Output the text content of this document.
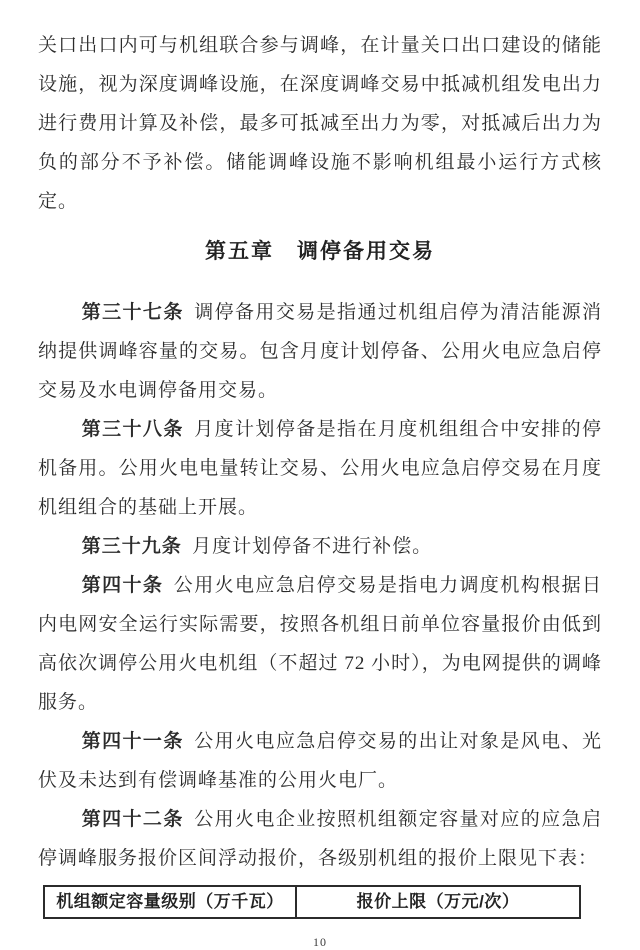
关口出口内可与机组联合参与调峰，在计量关口出口建设的储能设施，视为深度调峰设施，在深度调峰交易中抵减机组发电出力进行费用计算及补偿，最多可抵减至出力为零，对抵减后出力为负的部分不予补偿。储能调峰设施不影响机组最小运行方式核定。

第五章　调停备用交易

第三十七条 调停备用交易是指通过机组启停为清洁能源消纳提供调峰容量的交易。包含月度计划停备、公用火电应急启停交易及水电调停备用交易。

第三十八条 月度计划停备是指在月度机组组合中安排的停机备用。公用火电电量转让交易、公用火电应急启停交易在月度机组组合的基础上开展。

第三十九条 月度计划停备不进行补偿。

第四十条 公用火电应急启停交易是指电力调度机构根据日内电网安全运行实际需要，按照各机组日前单位容量报价由低到高依次调停公用火电机组（不超过 72 小时），为电网提供的调峰服务。

第四十一条 公用火电应急启停交易的出让对象是风电、光伏及未达到有偿调峰基准的公用火电厂。

第四十二条 公用火电企业按照机组额定容量对应的应急启停调峰服务报价区间浮动报价，各级别机组的报价上限见下表：

机组额定容量级别（万千瓦）	报价上限（万元/次）
10
